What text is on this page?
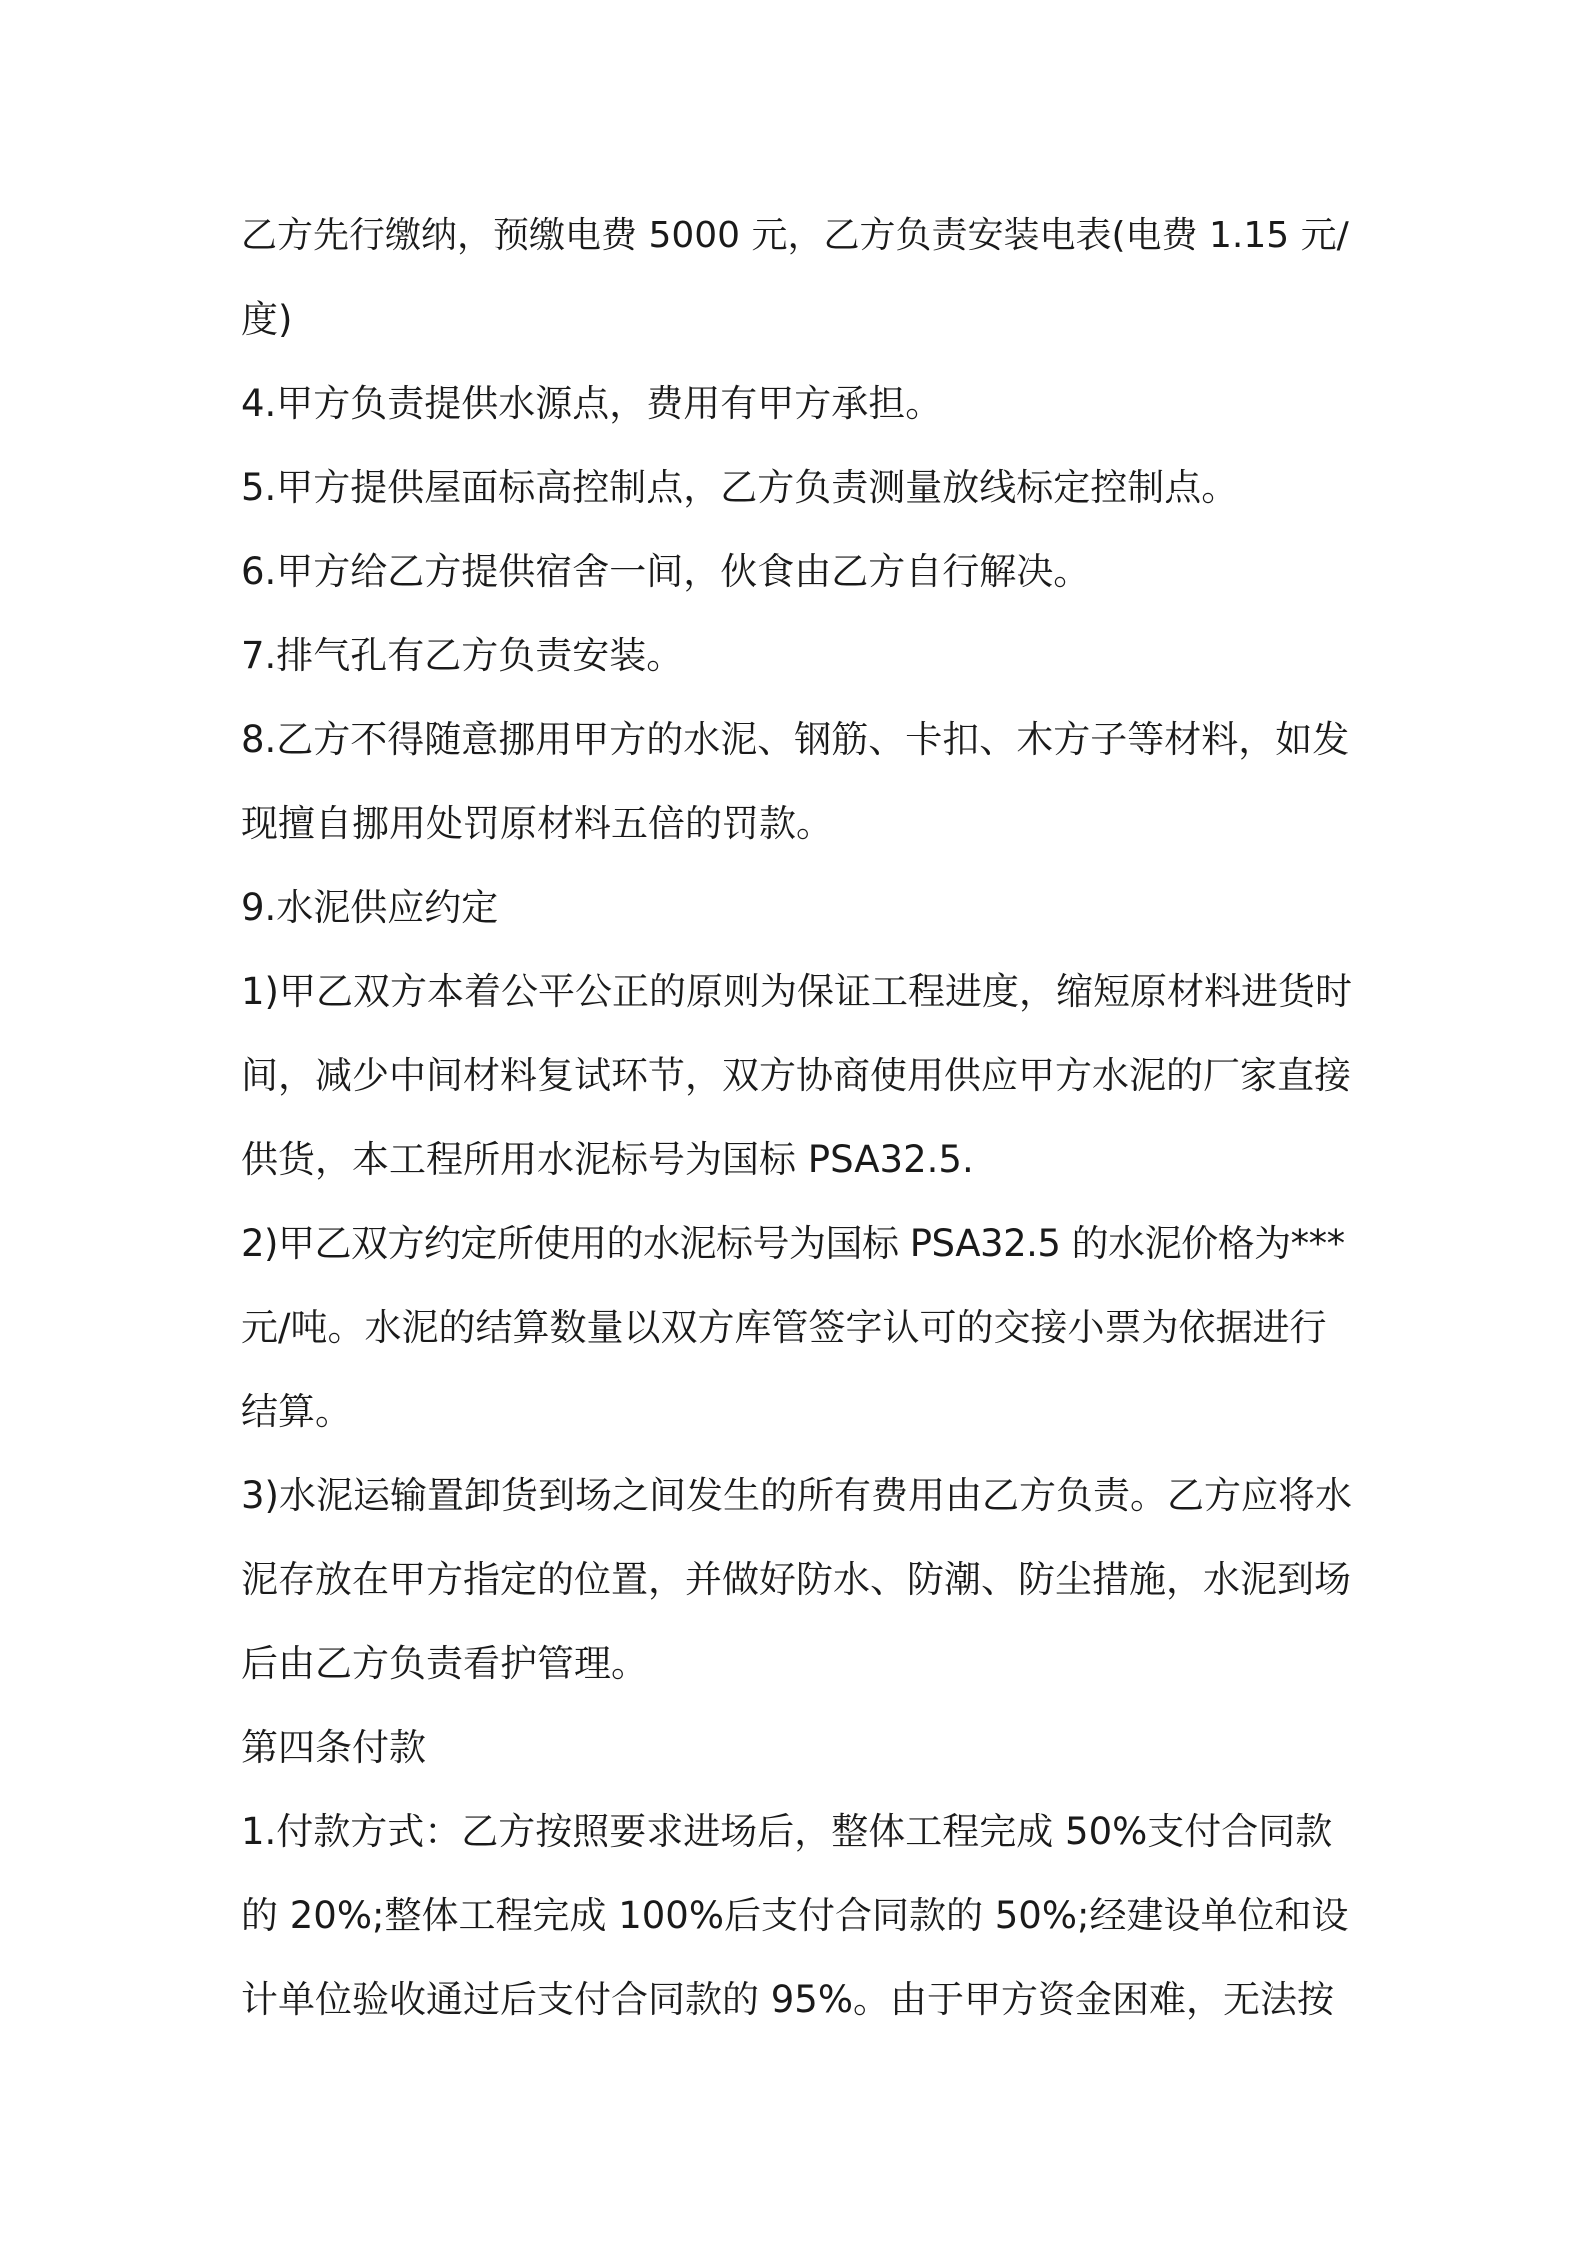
乙方先行缴纳，预缴电费 5000 元，乙方负责安装电表(电费 1.15 元/
度)
4.甲方负责提供水源点，费用有甲方承担。
5.甲方提供屋面标高控制点，乙方负责测量放线标定控制点。
6.甲方给乙方提供宿舍一间，伙食由乙方自行解决。
7.排气孔有乙方负责安装。
8.乙方不得随意挪用甲方的水泥、钢筋、卡扣、木方子等材料，如发
现擅自挪用处罚原材料五倍的罚款。
9.水泥供应约定
1)甲乙双方本着公平公正的原则为保证工程进度，缩短原材料进货时
间，减少中间材料复试环节，双方协商使用供应甲方水泥的厂家直接
供货，本工程所用水泥标号为国标 PSA32.5.
2)甲乙双方约定所使用的水泥标号为国标 PSA32.5 的水泥价格为***
元/吨。水泥的结算数量以双方库管签字认可的交接小票为依据进行
结算。
3)水泥运输置卸货到场之间发生的所有费用由乙方负责。乙方应将水
泥存放在甲方指定的位置，并做好防水、防潮、防尘措施，水泥到场
后由乙方负责看护管理。
第四条付款
1.付款方式：乙方按照要求进场后，整体工程完成 50%支付合同款
的 20%;整体工程完成 100%后支付合同款的 50%;经建设单位和设
计单位验收通过后支付合同款的 95%。由于甲方资金困难，无法按
